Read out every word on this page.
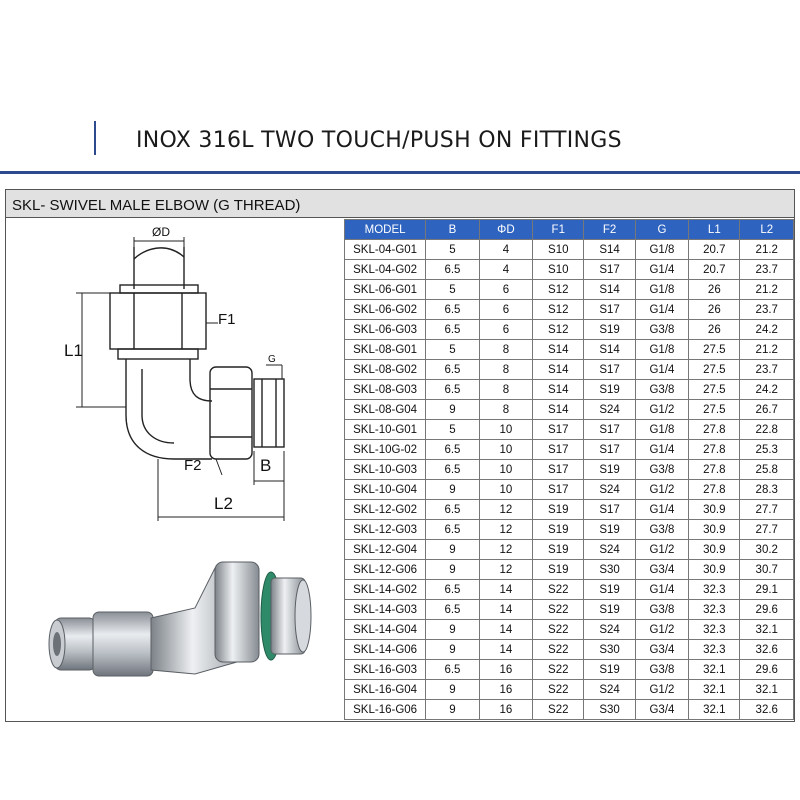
INOX 316L TWO TOUCH/PUSH ON FITTINGS
SKL- SWIVEL MALE ELBOW (G THREAD)
ØD
F1
L1	G
F2	B
L2
MODEL	B	ΦD	F1	F2	G	L1	L2
SKL-04-G01	5	4	S10	S14	G1/8	20.7	21.2
SKL-04-G02	6.5	4	S10	S17	G1/4	20.7	23.7
SKL-06-G01	5	6	S12	S14	G1/8	26	21.2
SKL-06-G02	6.5	6	S12	S17	G1/4	26	23.7
SKL-06-G03	6.5	6	S12	S19	G3/8	26	24.2
SKL-08-G01	5	8	S14	S14	G1/8	27.5	21.2
SKL-08-G02	6.5	8	S14	S17	G1/4	27.5	23.7
SKL-08-G03	6.5	8	S14	S19	G3/8	27.5	24.2
SKL-08-G04	9	8	S14	S24	G1/2	27.5	26.7
SKL-10-G01	5	10	S17	S17	G1/8	27.8	22.8
SKL-10G-02	6.5	10	S17	S17	G1/4	27.8	25.3
SKL-10-G03	6.5	10	S17	S19	G3/8	27.8	25.8
SKL-10-G04	9	10	S17	S24	G1/2	27.8	28.3
SKL-12-G02	6.5	12	S19	S17	G1/4	30.9	27.7
SKL-12-G03	6.5	12	S19	S19	G3/8	30.9	27.7
SKL-12-G04	9	12	S19	S24	G1/2	30.9	30.2
SKL-12-G06	9	12	S19	S30	G3/4	30.9	30.7
SKL-14-G02	6.5	14	S22	S19	G1/4	32.3	29.1
SKL-14-G03	6.5	14	S22	S19	G3/8	32.3	29.6
SKL-14-G04	9	14	S22	S24	G1/2	32.3	32.1
SKL-14-G06	9	14	S22	S30	G3/4	32.3	32.6
SKL-16-G03	6.5	16	S22	S19	G3/8	32.1	29.6
SKL-16-G04	9	16	S22	S24	G1/2	32.1	32.1
SKL-16-G06	9	16	S22	S30	G3/4	32.1	32.6
